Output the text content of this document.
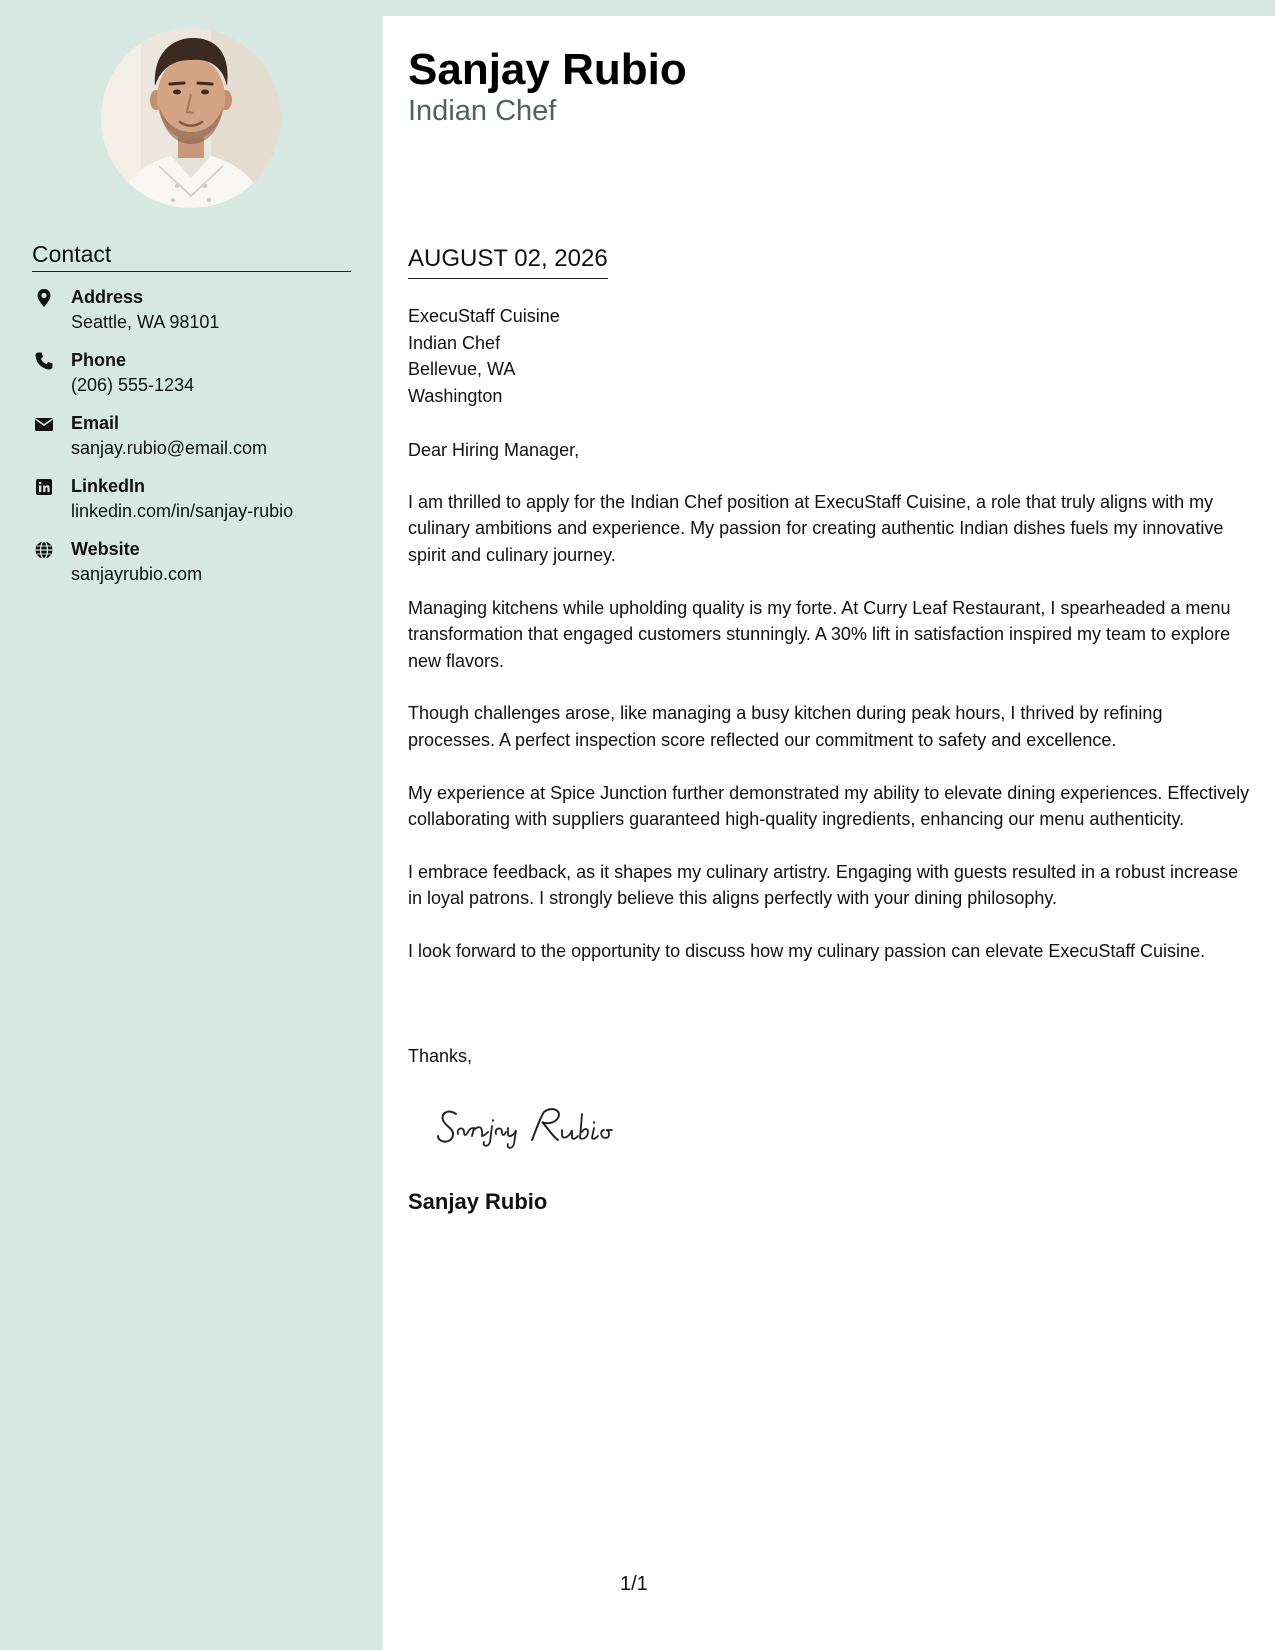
Contact
Address
Seattle, WA 98101
Phone
(206) 555-1234
Email
sanjay.rubio@email.com
LinkedIn
linkedin.com/in/sanjay-rubio
Website
sanjayrubio.com
Sanjay Rubio
Indian Chef
AUGUST 02, 2026
ExecuStaff Cuisine
Indian Chef
Bellevue, WA
Washington
Dear Hiring Manager,

I am thrilled to apply for the Indian Chef position at ExecuStaff Cuisine, a role that truly aligns with my culinary ambitions and experience. My passion for creating authentic Indian dishes fuels my innovative spirit and culinary journey.

Managing kitchens while upholding quality is my forte. At Curry Leaf Restaurant, I spearheaded a menu transformation that engaged customers stunningly. A 30% lift in satisfaction inspired my team to explore new flavors.

Though challenges arose, like managing a busy kitchen during peak hours, I thrived by refining processes. A perfect inspection score reflected our commitment to safety and excellence.

My experience at Spice Junction further demonstrated my ability to elevate dining experiences. Effectively collaborating with suppliers guaranteed high-quality ingredients, enhancing our menu authenticity.

I embrace feedback, as it shapes my culinary artistry. Engaging with guests resulted in a robust increase in loyal patrons. I strongly believe this aligns perfectly with your dining philosophy.

I look forward to the opportunity to discuss how my culinary passion can elevate ExecuStaff Cuisine.

Thanks,
Sanjay Rubio
1/1
